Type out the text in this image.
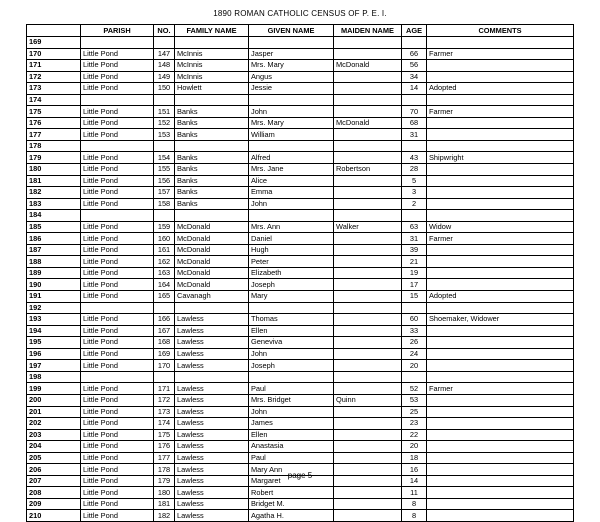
1890 ROMAN CATHOLIC CENSUS OF P. E. I.
	PARISH	NO.	FAMILY NAME	GIVEN NAME	MAIDEN NAME	AGE	COMMENTS
169							
170	Little Pond	147	McInnis	Jasper		66	Farmer
171	Little Pond	148	McInnis	Mrs. Mary	McDonald	56	
172	Little Pond	149	McInnis	Angus		34	
173	Little Pond	150	Howlett	Jessie		14	Adopted
174							
175	Little Pond	151	Banks	John		70	Farmer
176	Little Pond	152	Banks	Mrs. Mary	McDonald	68	
177	Little Pond	153	Banks	William		31	
178							
179	Little Pond	154	Banks	Alfred		43	Shipwright
180	Little Pond	155	Banks	Mrs. Jane	Robertson	28	
181	Little Pond	156	Banks	Alice		5	
182	Little Pond	157	Banks	Emma		3	
183	Little Pond	158	Banks	John		2	
184							
185	Little Pond	159	McDonald	Mrs. Ann	Walker	63	Widow
186	Little Pond	160	McDonald	Daniel		31	Farmer
187	Little Pond	161	McDonald	Hugh		39	
188	Little Pond	162	McDonald	Peter		21	
189	Little Pond	163	McDonald	Elizabeth		19	
190	Little Pond	164	McDonald	Joseph		17	
191	Little Pond	165	Cavanagh	Mary		15	Adopted
192							
193	Little Pond	166	Lawless	Thomas		60	Shoemaker, Widower
194	Little Pond	167	Lawless	Ellen		33	
195	Little Pond	168	Lawless	Geneviva		26	
196	Little Pond	169	Lawless	John		24	
197	Little Pond	170	Lawless	Joseph		20	
198							
199	Little Pond	171	Lawless	Paul		52	Farmer
200	Little Pond	172	Lawless	Mrs. Bridget	Quinn	53	
201	Little Pond	173	Lawless	John		25	
202	Little Pond	174	Lawless	James		23	
203	Little Pond	175	Lawless	Ellen		22	
204	Little Pond	176	Lawless	Anastasia		20	
205	Little Pond	177	Lawless	Paul		18	
206	Little Pond	178	Lawless	Mary Ann		16	
207	Little Pond	179	Lawless	Margaret		14	
208	Little Pond	180	Lawless	Robert		11	
209	Little Pond	181	Lawless	Bridget M.		8	
210	Little Pond	182	Lawless	Agatha H.		8	
page 5
